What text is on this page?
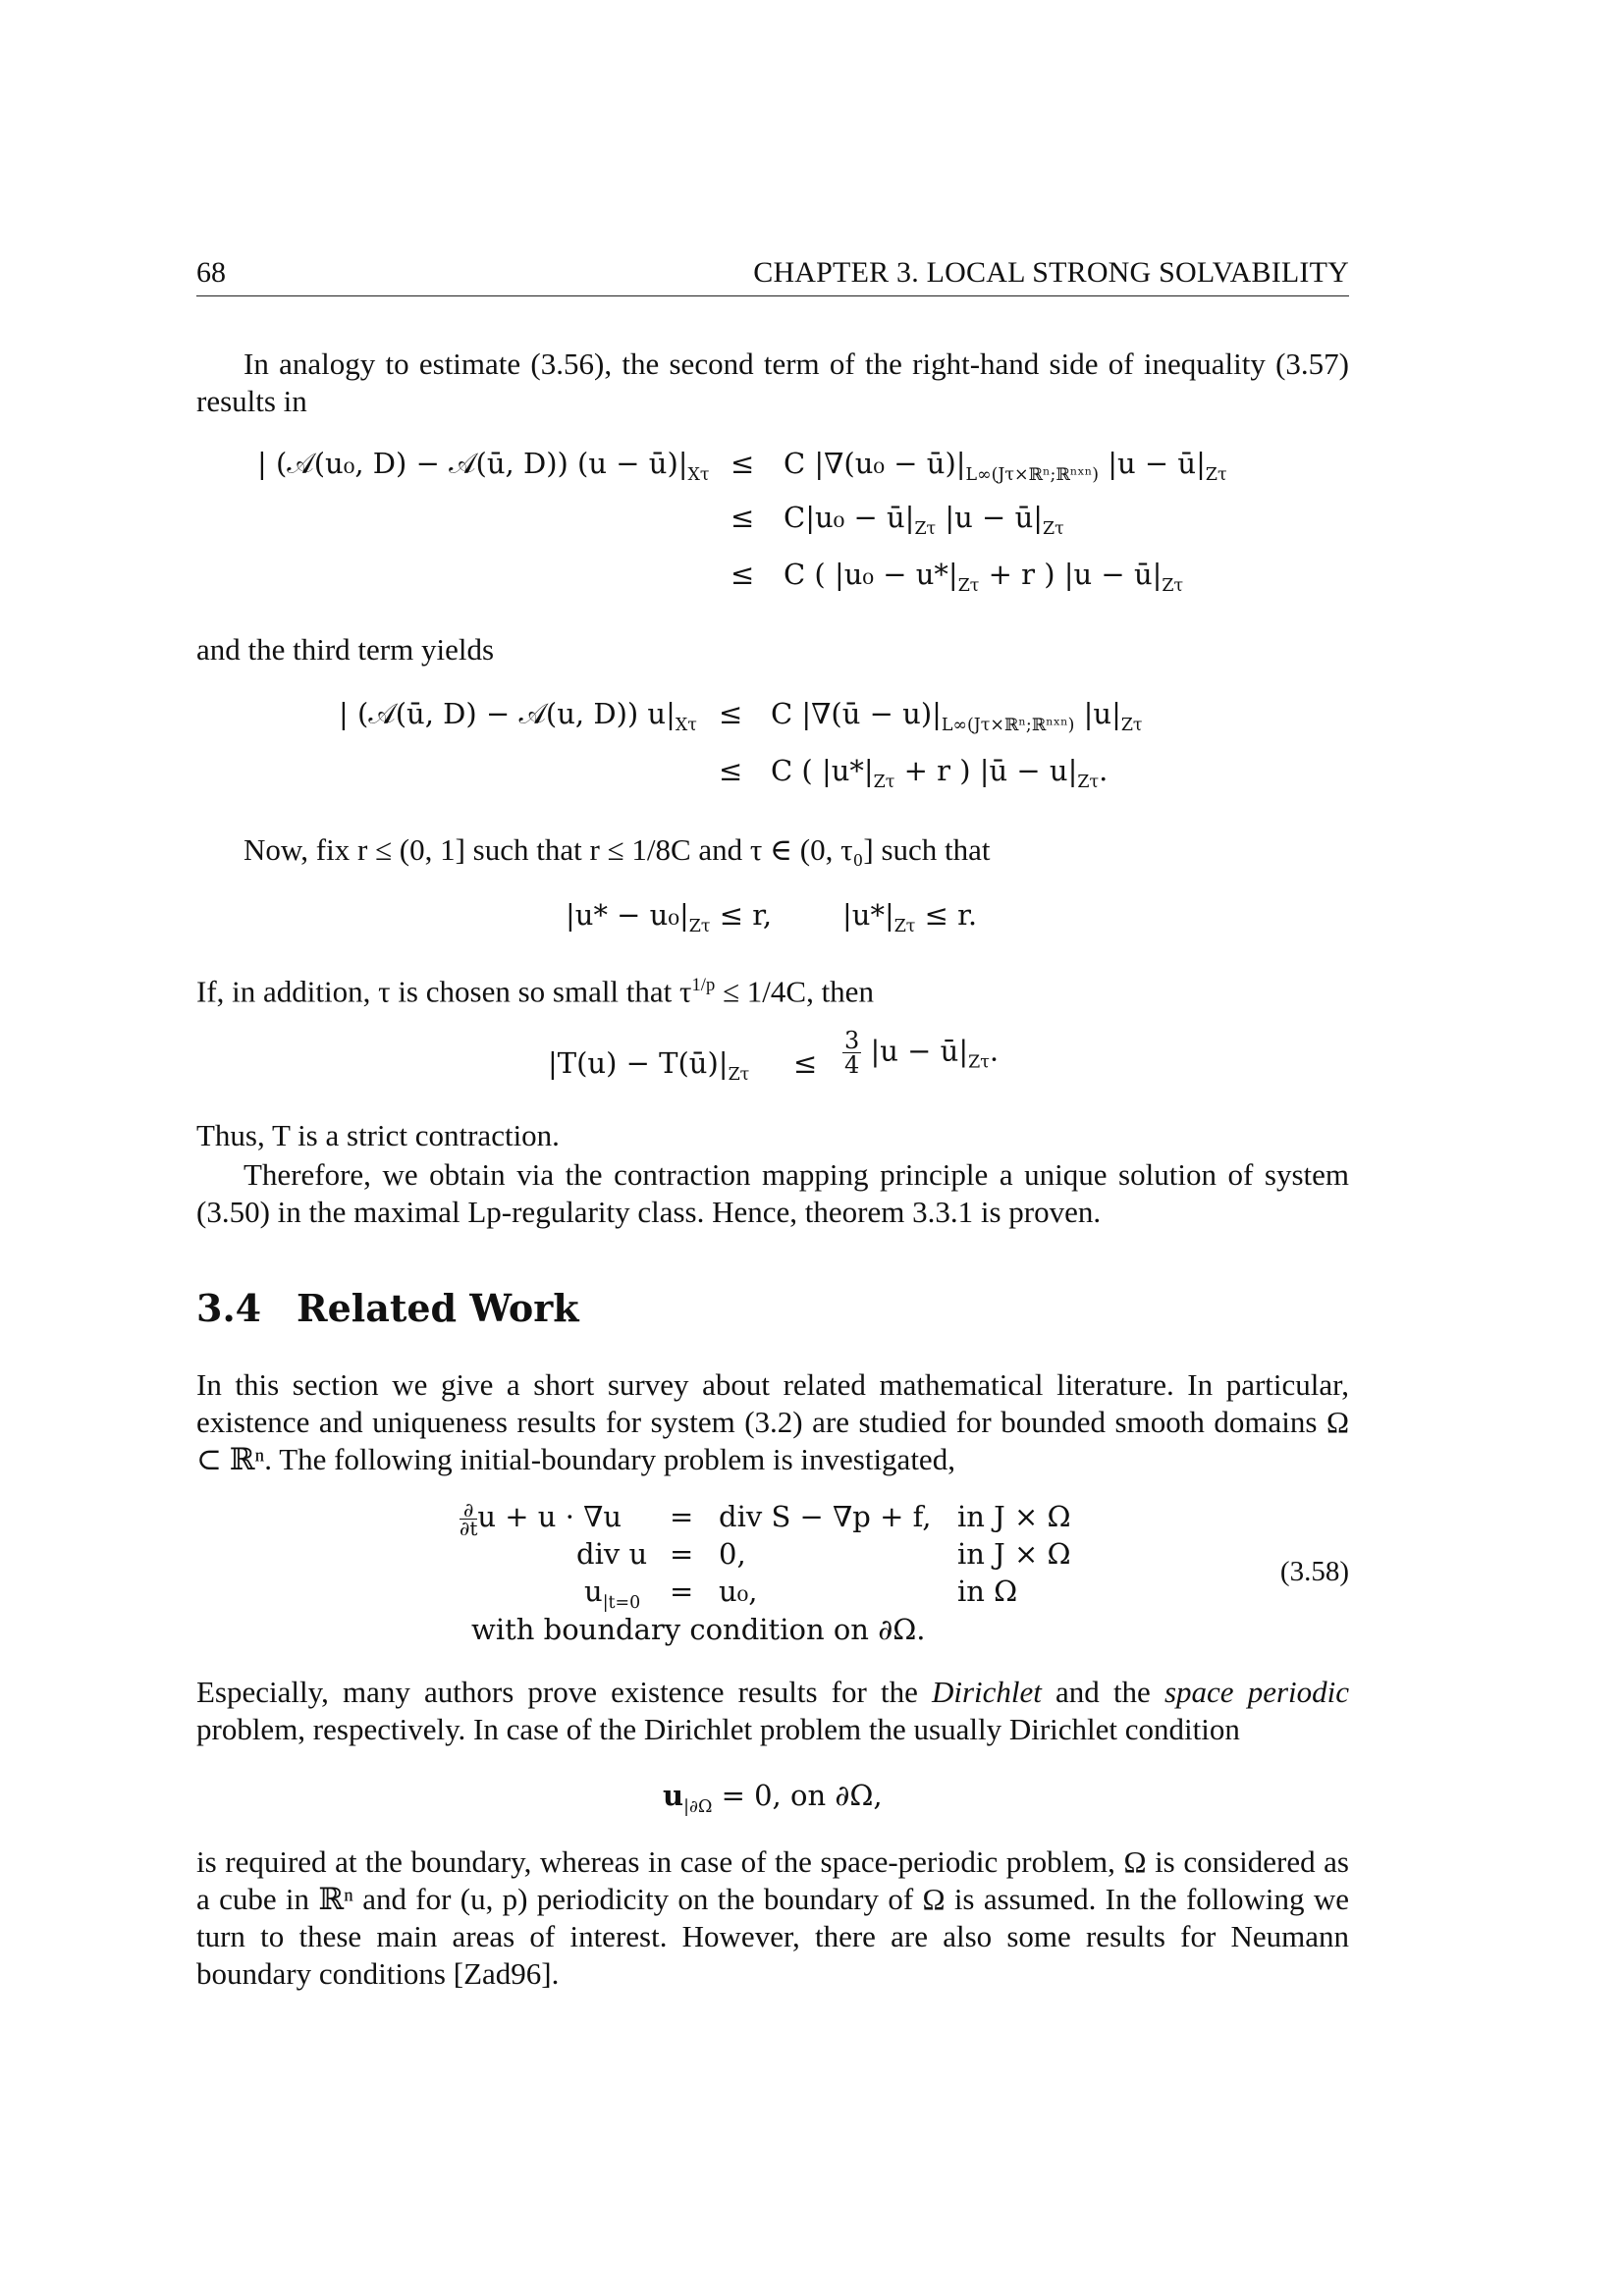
68	CHAPTER 3. LOCAL STRONG SOLVABILITY
In analogy to estimate (3.56), the second term of the right-hand side of inequality (3.57) results in
| (𝒜(u₀, D) − 𝒜(ū, D)) $(u - ū)|_{X\tau} \le C$ $|\nabla(u_0 - ū)|_{L\infty(J\tau\times ℝ^n;ℝ^nˣ^n)}$ $|u - ū|_{Z\tau}$
≤ $C|u_0 - ū|_{Z\tau}$ $|u - ū|_{Z\tau}$
≤ C ( $|u_0 - u*|_{Z\tau} + r$ ) $|u - ū|_{Z\tau}$
and the third term yields
| (𝒜(ū, D) − 𝒜(u, D)) $u|_{X\tau} \le C$ |∇(ū − $u)|_{L\infty(J\tau\times ℝ^n;ℝ^nˣ^n)}$ $|u|_{Z\tau}$
≤ C ( $|u*|_{Z\tau} + r$ ) |ū − $u|_{Z\tau}$.
Now, fix r ≤ (0, 1] such that r ≤ 1/8C and τ ∈ (0, τ₀] such that
$|u* - u_0|_{Z\tau} \le r$, $|u*|_{Z\tau} \le r$.
If, in addition, τ is chosen so small that $\tau^{1/p} \le 1/4C$, then
$|T(u) - T(ū)|_{Z\tau} \le \frac{3}{4} |u$ − $ū|_{Z\tau}$.
Thus, T is a strict contraction.
Therefore, we obtain via the contraction mapping principle a unique solution of system (3.50) in the maximal Lp-regularity class. Hence, theorem 3.3.1 is proven.
3.4 Related Work
In this section we give a short survey about related mathematical literature. In particular, existence and uniqueness results for system (3.2) are studied for bounded smooth domains Ω ⊂ ℝⁿ. The following initial-boundary problem is investigated,
$\frac{\partial}{\partial t}$ u + u · ∇u = div S − ∇p + f, in J × Ω
div u = 0,	in J × Ω
$u_{|t=0} = u_0$,	in Ω
with boundary condition on ∂Ω.
(3.58)
Especially, many authors prove existence results for the Dirichlet and the space periodic problem, respectively. In case of the Dirichlet problem the usually Dirichlet condition
$u_{|\partial\Omega} = 0$, on ∂Ω,
is required at the boundary, whereas in case of the space-periodic problem, Ω is considered as a cube in ℝⁿ and for (u, p) periodicity on the boundary of Ω is assumed. In the following we turn to these main areas of interest. However, there are also some results for Neumann boundary conditions [Zad96].
